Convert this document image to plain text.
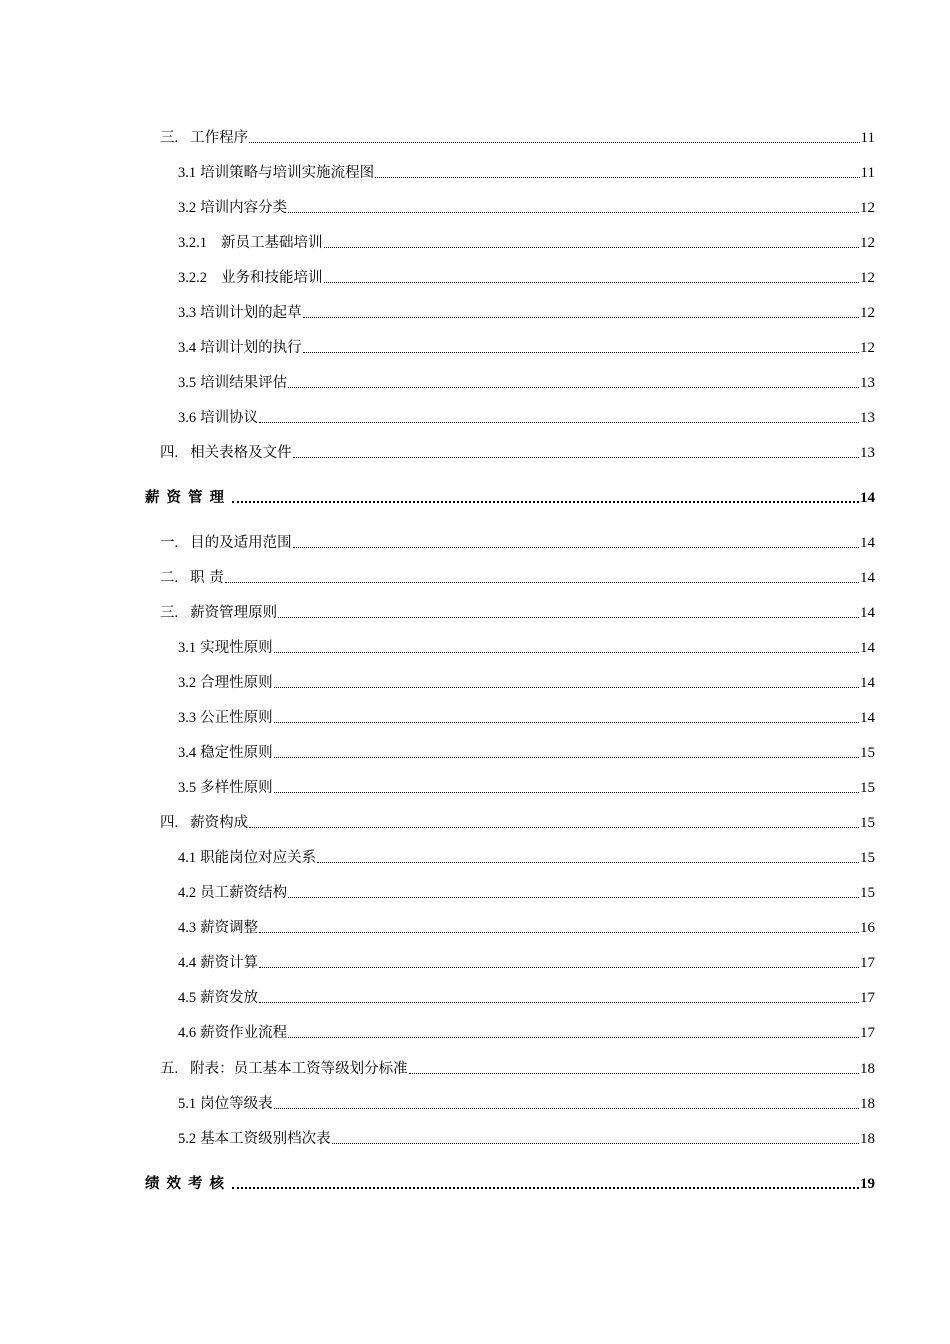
三. 工作程序	11
3.1 培训策略与培训实施流程图	11
3.2 培训内容分类	12
3.2.1 新员工基础培训	12
3.2.2 业务和技能培训	12
3.3 培训计划的起草	12
3.4 培训计划的执行	12
3.5 培训结果评估	13
3.6 培训协议	13
四. 相关表格及文件	13
薪资管理	14
一. 目的及适用范围	14
二. 职 责	14
三. 薪资管理原则	14
3.1 实现性原则	14
3.2 合理性原则	14
3.3 公正性原则	14
3.4 稳定性原则	15
3.5 多样性原则	15
四. 薪资构成	15
4.1 职能岗位对应关系	15
4.2 员工薪资结构	15
4.3 薪资调整	16
4.4 薪资计算	17
4.5 薪资发放	17
4.6 薪资作业流程	17
五. 附表：员工基本工资等级划分标准	18
5.1 岗位等级表	18
5.2 基本工资级别档次表	18
绩效考核	19
